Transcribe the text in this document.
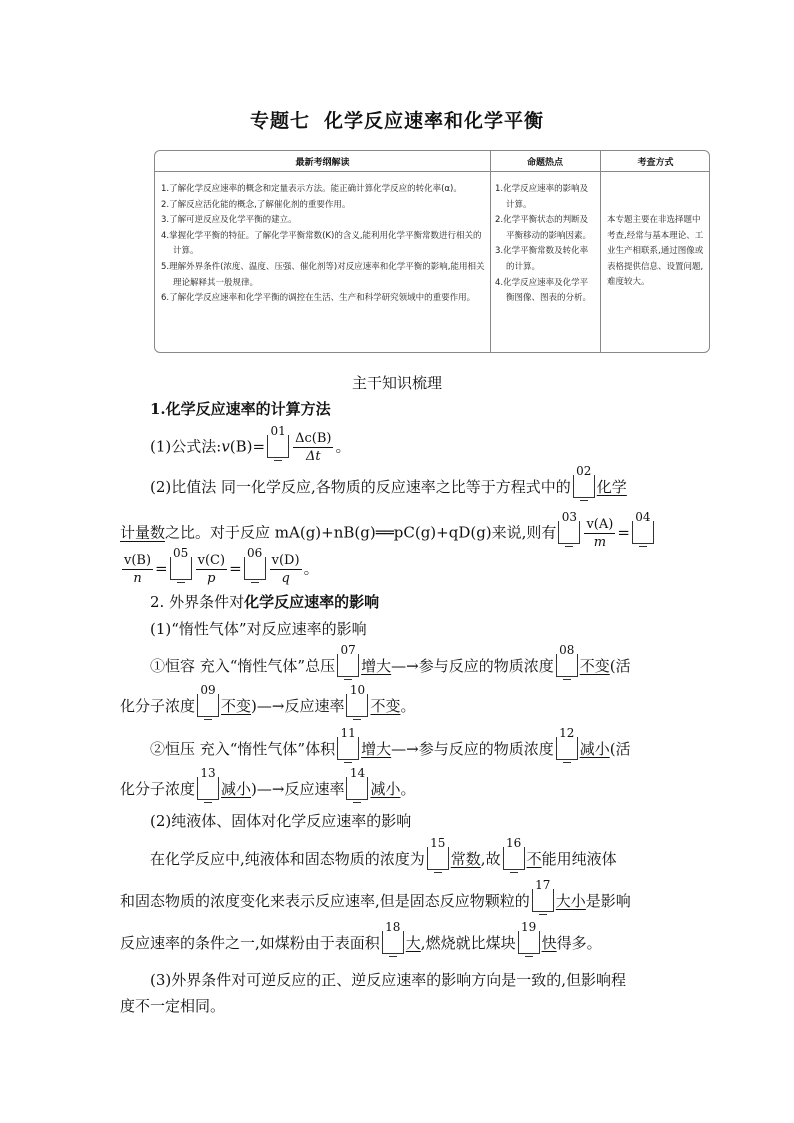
专题七 化学反应速率和化学平衡
最新考纲解读	命题热点	考查方式

1.了解化学反应速率的概念和定量表示方法。能正确计算化学反应的转化率(α)。

2.了解反应活化能的概念,了解催化剂的重要作用。

3.了解可逆反应及化学平衡的建立。

4.掌握化学平衡的特征。了解化学平衡常数(K)的含义,能利用化学平衡常数进行相关的计算。

5.理解外界条件(浓度、温度、压强、催化剂等)对反应速率和化学平衡的影响,能用相关理论解释其一般规律。

6.了解化学反应速率和化学平衡的调控在生活、生产和科学研究领域中的重要作用。

1.化学反应速率的影响及计算。

2.化学平衡状态的判断及平衡移动的影响因素。

3.化学平衡常数及转化率的计算。

4.化学反应速率及化学平衡图像、图表的分析。

本专题主要在非选择题中考查,经常与基本理论、工业生产相联系,通过图像或表格提供信息、设置问题,难度较大。
主干知识梳理
1.化学反应速率的计算方法
(1)公式法:v(B)=
$01 \frac{\Delta c(B)}{\Delta t}$ 。
(2)比值法 同一化学反应,各物质的反应速率之比等于方程式中的
02
化学
计量数之比。对于反应 mA(g)+nB(g)══pC(g)+qD(g)来说,则有
$03 \frac{v(A)}{m}$ =
04
$\frac{v(B)}{n}$ =
$05 \frac{v(C)}{p}$ =
$06 \frac{v(D)}{q}$ 。
2. 外界条件对化学反应速率的影响
(1)“惰性气体”对反应速率的影响
①恒容 充入“惰性气体”总压
07
增大—→参与反应的物质浓度
08
不变(活
化分子浓度
09
不变)—→反应速率
10
不变。
②恒压 充入“惰性气体”体积
11
增大—→参与反应的物质浓度
12
减小(活
化分子浓度
13
减小)—→反应速率
14
减小。
(2)纯液体、固体对化学反应速率的影响
在化学反应中,纯液体和固态物质的浓度为
15
常数,故
16
不能用纯液体
和固态物质的浓度变化来表示反应速率,但是固态反应物颗粒的
17
大小是影响
反应速率的条件之一,如煤粉由于表面积
18
大,燃烧就比煤块
19
快得多。
(3)外界条件对可逆反应的正、逆反应速率的影响方向是一致的,但影响程
度不一定相同。
